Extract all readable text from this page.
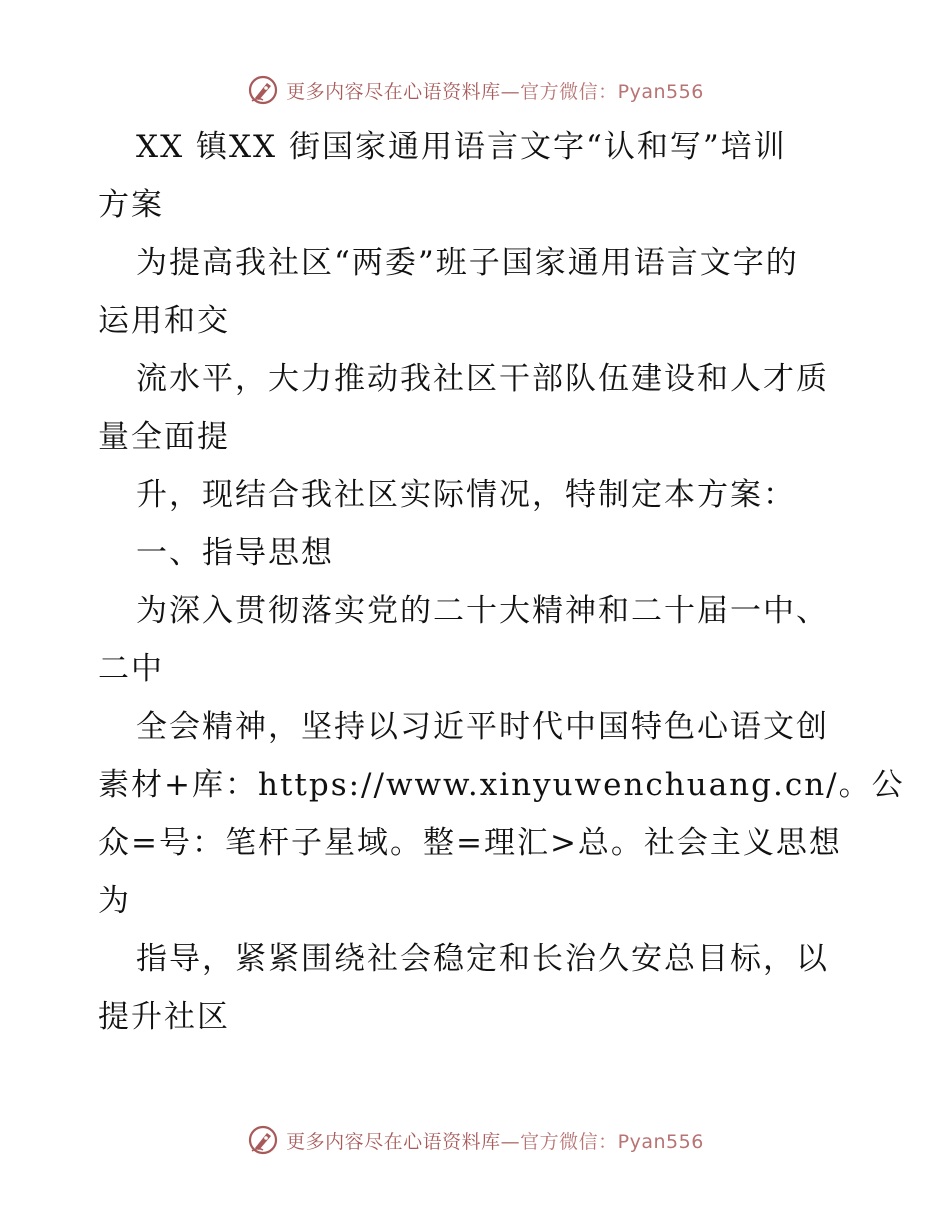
更多内容尽在心语资料库—官方微信：Pyan556
XX 镇XX 街国家通用语言文字“认和写”培训
方案
为提高我社区“两委”班子国家通用语言文字的
运用和交
流水平，大力推动我社区干部队伍建设和人才质
量全面提
升，现结合我社区实际情况，特制定本方案：
一、指导思想
为深入贯彻落实党的二十大精神和二十届一中、
二中
全会精神，坚持以习近平时代中国特色心语文创
素材+库：https://www.xinyuwenchuang.cn/。公
众=号：笔杆子星域。整=理汇>总。社会主义思想
为
指导，紧紧围绕社会稳定和长治久安总目标，以
提升社区
更多内容尽在心语资料库—官方微信：Pyan556
